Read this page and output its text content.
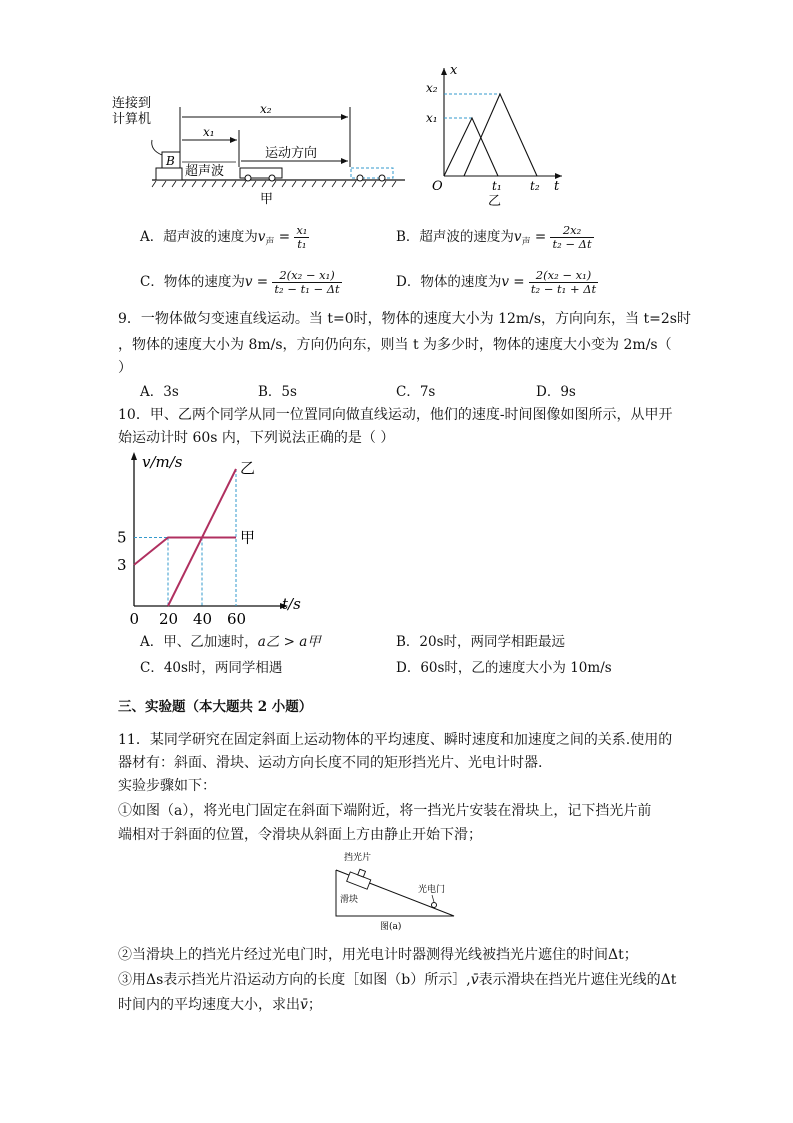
B
连接到
计算机
x₂
x₁
运动方向
超声波
甲
x
x₂
x₁
O	t₁ t₂ t
乙
A．超声波的速度为$v_声 = \frac{\text{x₁}}{\text{t₁}}$	B．超声波的速度为$v_声 = \frac{\text{2x₂}}{\text{t₂ − Δt}}$
C．物体的速度为$v = \frac{\text{2(x₂ − x₁)}}{\text{t₂ − t₁ − Δt}}$	D．物体的速度为$v = \frac{\text{2(x₂ − x₁)}}{\text{t₂ − t₁ + Δt}}$
9．一物体做匀变速直线运动。当 t=0时，物体的速度大小为 12m/s，方向向东，当 t=2s时
，物体的速度大小为 8m/s，方向仍向东，则当 t 为多少时，物体的速度大小变为 2m/s（
）
A．3s	B．5s	C．7s	D．9s
10．甲、乙两个同学从同一位置同向做直线运动，他们的速度-时间图像如图所示，从甲开
始运动计时 60s 内，下列说法正确的是（ ）
甲
乙
0 20 40 60
3
5
v/m/s
t/s
A．甲、乙加速时，a乙 > a甲	B．20s时，两同学相距最远
C．40s时，两同学相遇	D．60s时，乙的速度大小为 10m/s
三、实验题（本大题共 2 小题）
11．某同学研究在固定斜面上运动物体的平均速度、瞬时速度和加速度之间的关系.使用的
器材有：斜面、滑块、运动方向长度不同的矩形挡光片、光电计时器.
实验步骤如下：
①如图（a），将光电门固定在斜面下端附近，将一挡光片安装在滑块上，记下挡光片前
端相对于斜面的位置，令滑块从斜面上方由静止开始下滑；
挡光片
滑块
光电门
图(a)
②当滑块上的挡光片经过光电门时，用光电计时器测得光线被挡光片遮住的时间Δt；
③用Δs表示挡光片沿运动方向的长度［如图（b）所示］,v̄表示滑块在挡光片遮住光线的Δt
时间内的平均速度大小，求出v̄；
